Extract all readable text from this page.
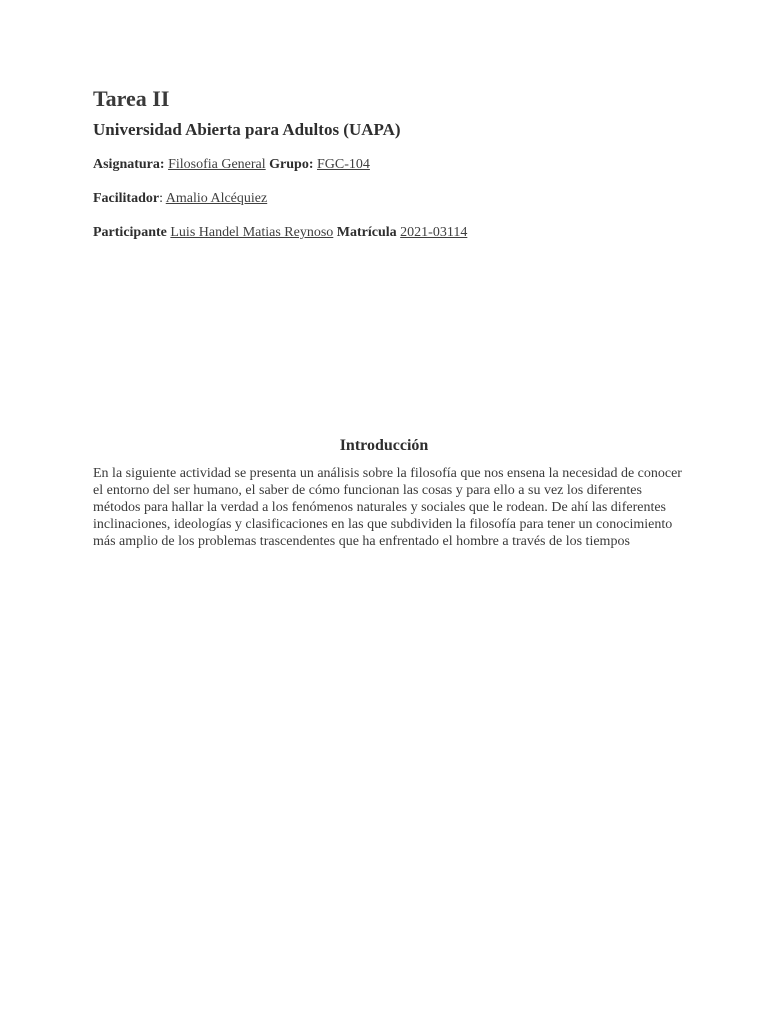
Tarea II
Universidad Abierta para Adultos (UAPA)
Asignatura: Filosofia General Grupo: FGC-104
Facilitador: Amalio Alcéquiez
Participante Luis Handel Matias Reynoso Matrícula 2021-03114
Introducción

En la siguiente actividad se presenta un análisis sobre la filosofía que nos ensena la necesidad de conocer el entorno del ser humano, el saber de cómo funcionan las cosas y para ello a su vez los diferentes métodos para hallar la verdad a los fenómenos naturales y sociales que le rodean. De ahí las diferentes inclinaciones, ideologías y clasificaciones en las que subdividen la filosofía para tener un conocimiento más amplio de los problemas trascendentes que ha enfrentado el hombre a través de los tiempos
